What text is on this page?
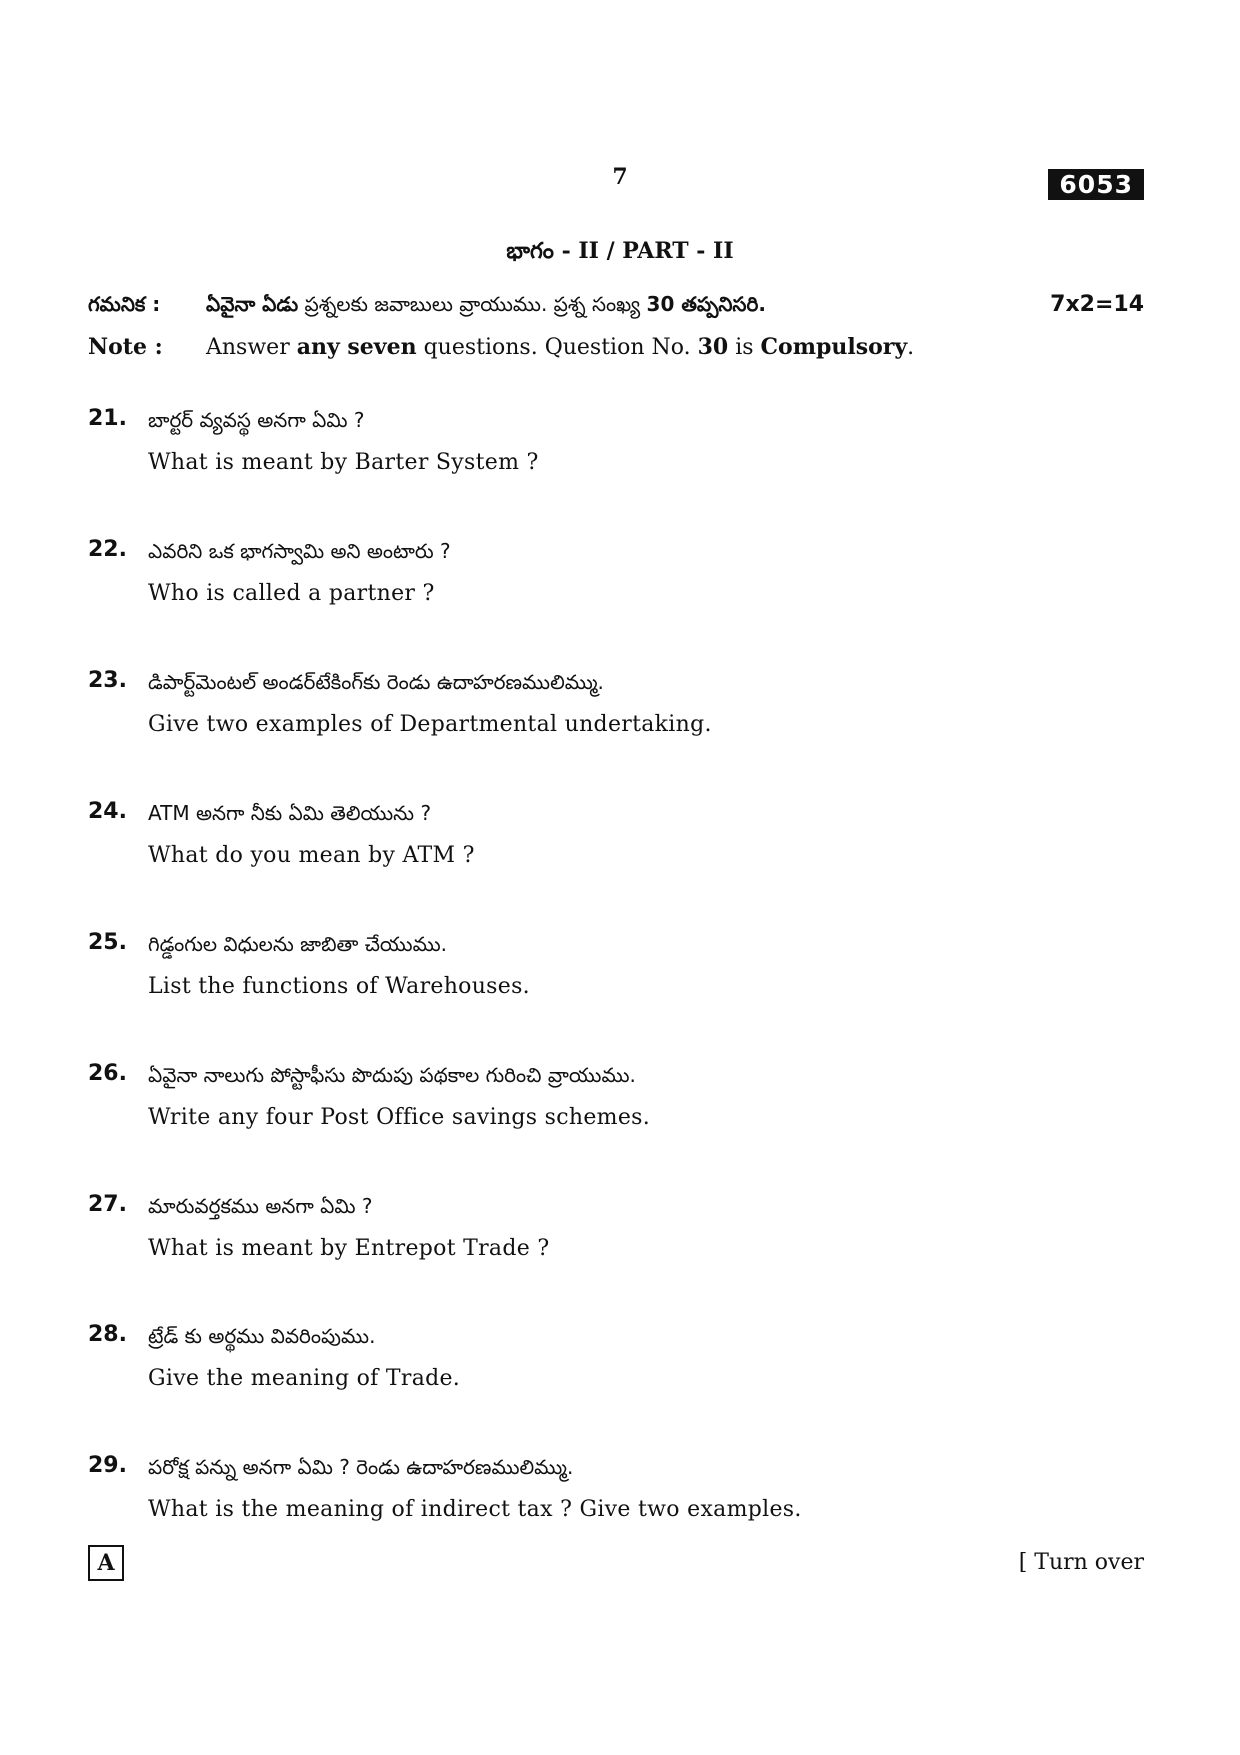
7	6053
భాగం - II / PART - II
గమనిక : ఏవైనా ఏడు ప్రశ్నలకు జవాబులు వ్రాయుము. ప్రశ్న సంఖ్య 30 తప్పనిసరి.	7x2=14
Note : Answer any seven questions. Question No. 30 is Compulsory.
21. బార్టర్ వ్యవస్థ అనగా ఏమి ?
What is meant by Barter System ?
22. ఎవరిని ఒక భాగస్వామి అని అంటారు ?
Who is called a partner ?
23. డిపార్ట్‌మెంటల్ అండర్‌టేకింగ్‌కు రెండు ఉదాహరణములిమ్ము.
Give two examples of Departmental undertaking.
24. ATM అనగా నీకు ఏమి తెలియును ?
What do you mean by ATM ?
25. గిడ్డంగుల విధులను జాబితా చేయుము.
List the functions of Warehouses.
26. ఏవైనా నాలుగు పోస్టాఫీసు పొదుపు పథకాల గురించి వ్రాయుము.
Write any four Post Office savings schemes.
27. మారువర్తకము అనగా ఏమి ?
What is meant by Entrepot Trade ?
28. ట్రేడ్ కు అర్థము వివరింపుము.
Give the meaning of Trade.
29. పరోక్ష పన్ను అనగా ఏమి ? రెండు ఉదాహరణములిమ్ము.
What is the meaning of indirect tax ? Give two examples.
A	[ Turn over
